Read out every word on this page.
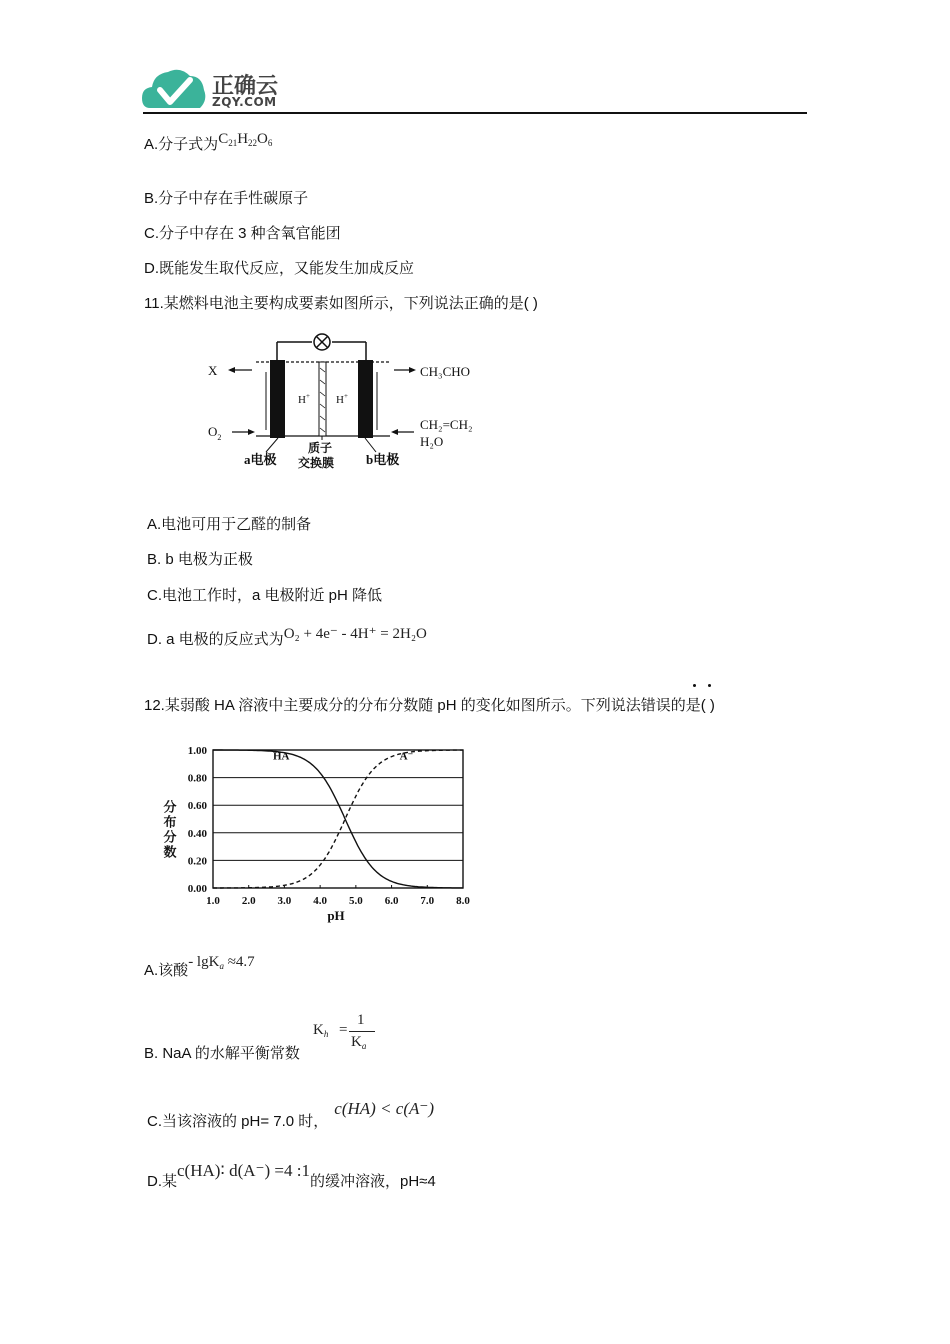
正确云
ZQY.COM
A.分子式为$C_{21}H_{22}O_6$
B.分子中存在手性碳原子
C.分子中存在 3 种含氧官能团
D.既能发生取代反应，又能发生加成反应
11.某燃料电池主要构成要素如图所示，下列说法正确的是( )
H+ H+
X
$O_2$
CH₃CHO
CH₂=CH₂
H₂O
a电极	b电极
质子
交换膜
A.电池可用于乙醛的制备
B. b 电极为正极
C.电池工作时，a 电极附近 pH 降低
D. a 电极的反应式为O₂ + 4e⁻ - 4H⁺ = 2H₂O
12.某弱酸 HA 溶液中主要成分的分布分数随 pH 的变化如图所示。下列说法错误的是( )
0.00
0.20
0.40
0.60
0.80
1.00
1.0 2.0 3.0 4.0 5.0 6.0 7.0 8.0
pH
分布分数
HA	A⁻
A.该酸- lgK$_a$ ≈4.7
B. NaA 的水解平衡常数
$K_h$ =
1
$K_a$
C.当该溶液的 pH= 7.0 时，c(HA) < c(A⁻)
D.某c(HA)∶ d(A⁻) =4 :1的缓冲溶液，pH≈4
